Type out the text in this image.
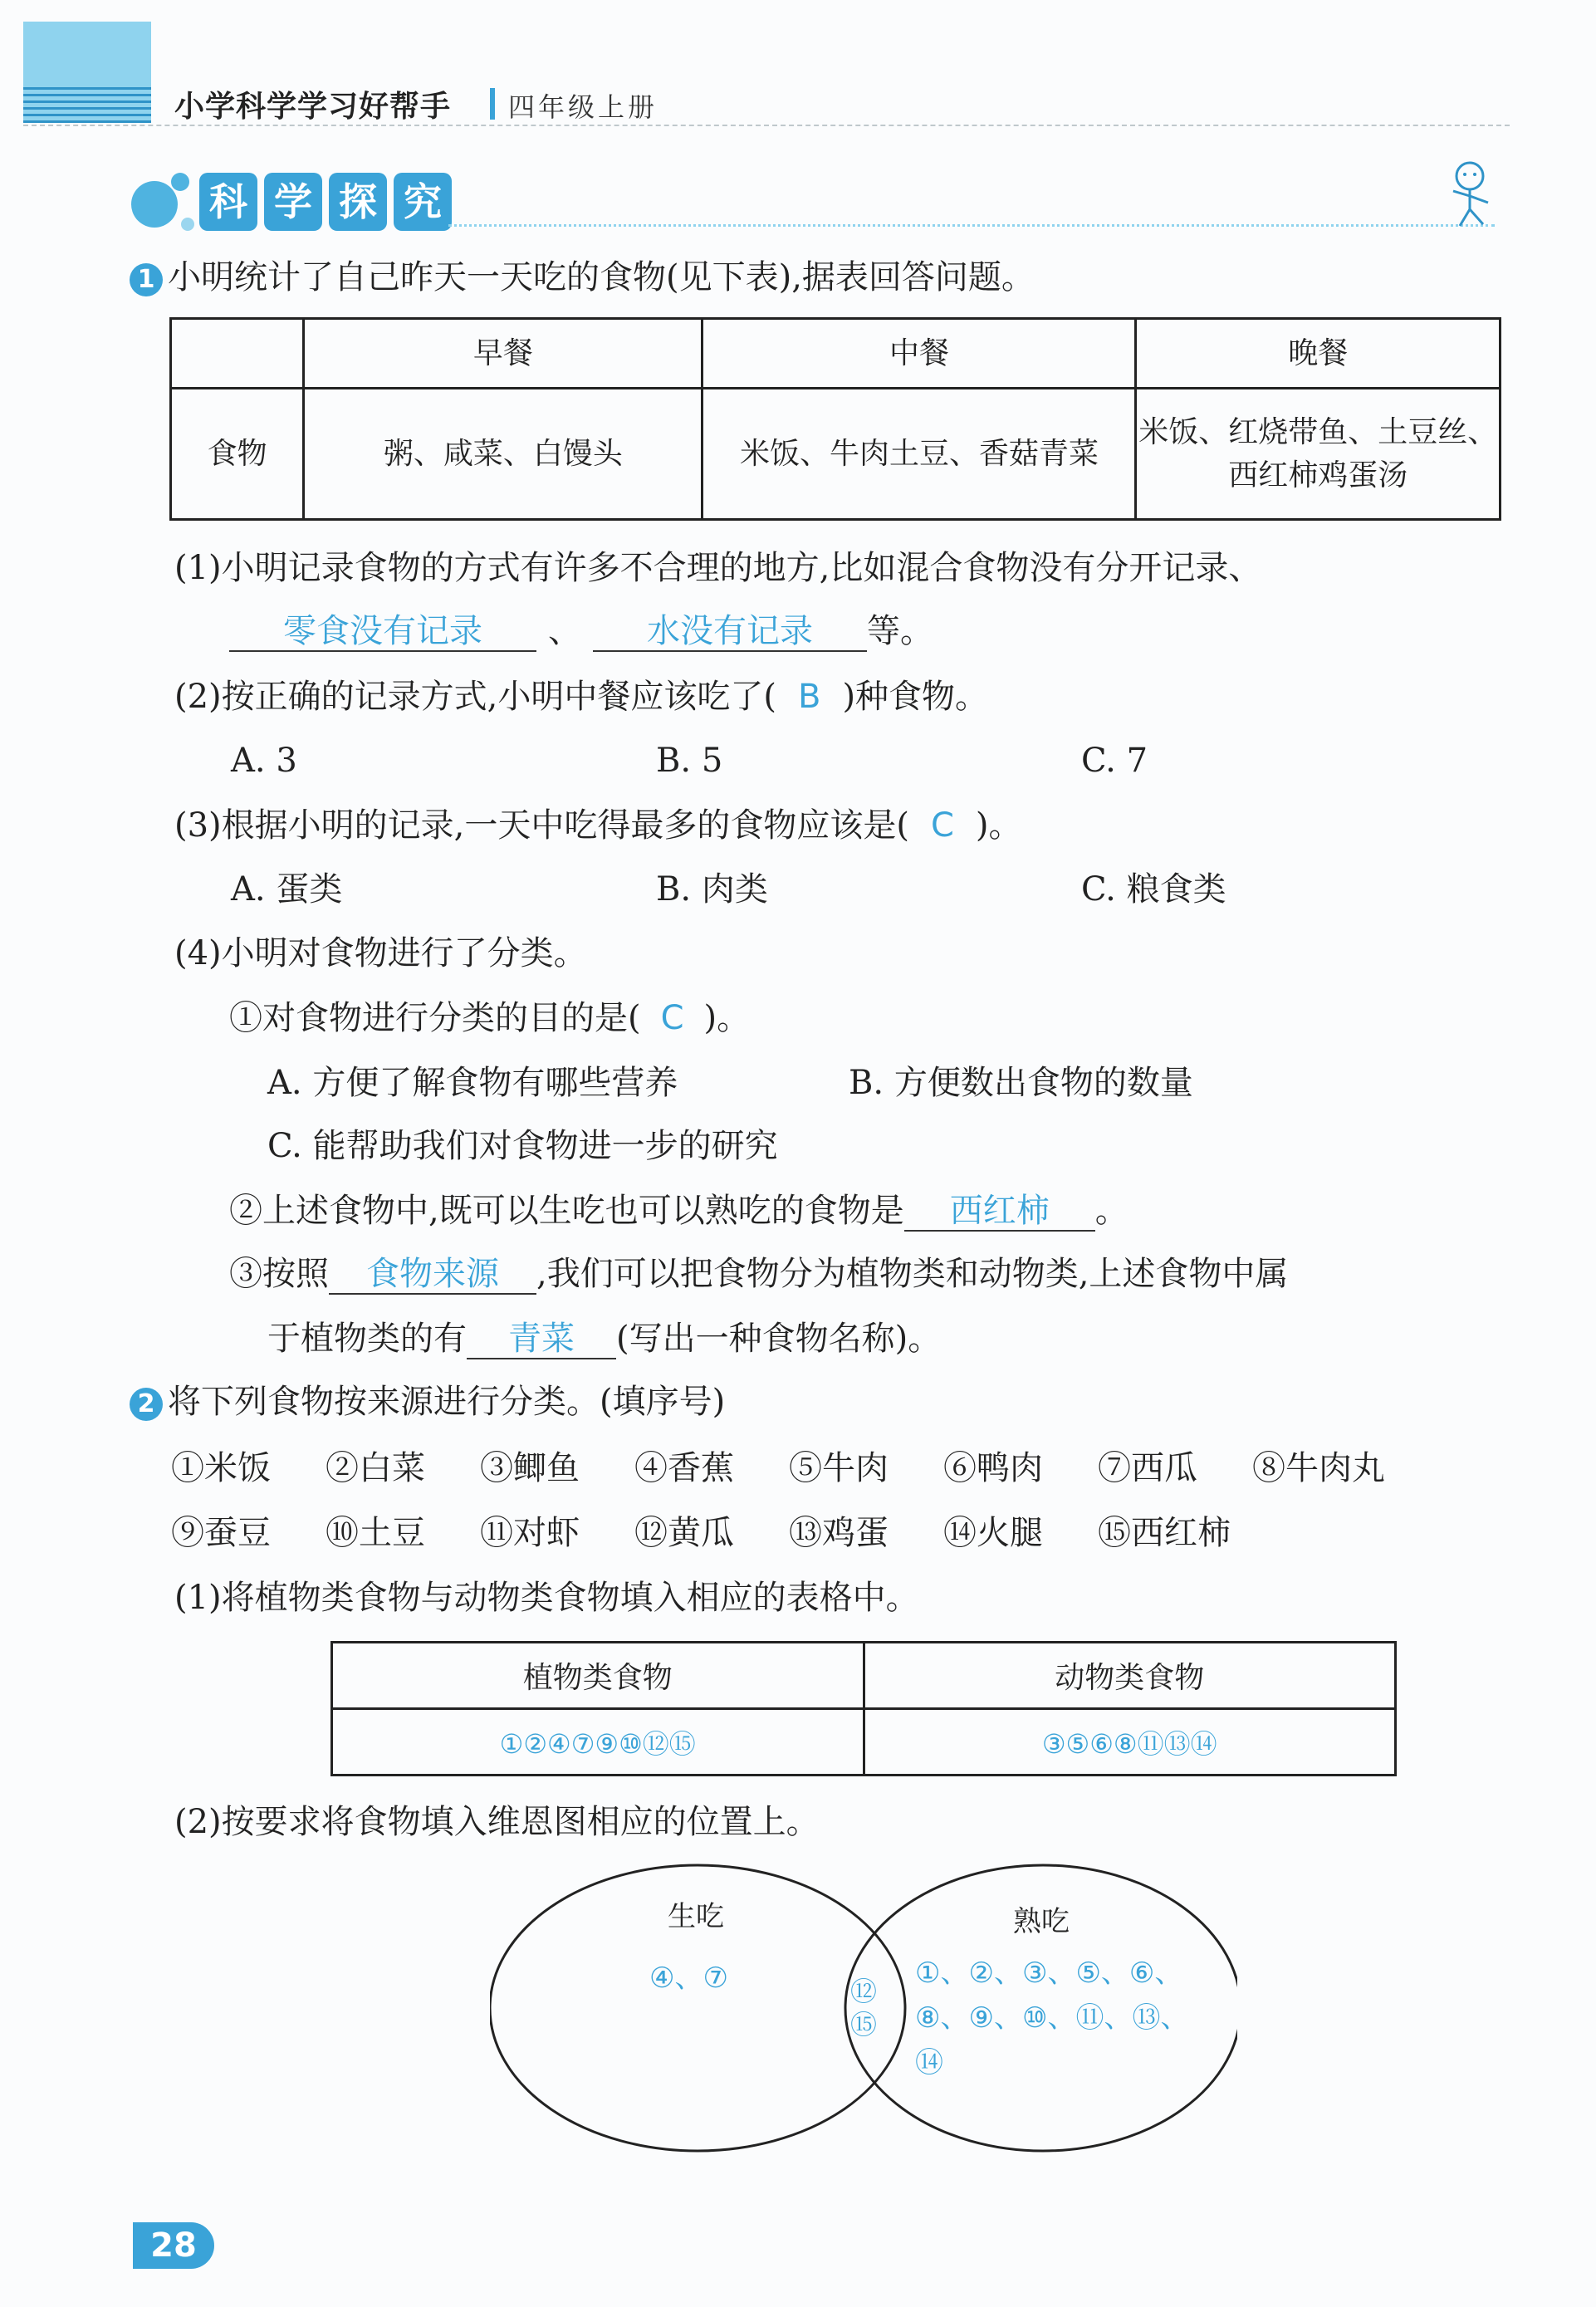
小学科学学习好帮手 四年级上册
科 学 探 究
1 小明统计了自己昨天一天吃的食物(见下表),据表回答问题。
	早餐	中餐	晚餐
食物	粥、咸菜、白馒头	米饭、牛肉土豆、香菇青菜	米饭、红烧带鱼、土豆丝、
西红柿鸡蛋汤
(1)小明记录食物的方式有许多不合理的地方,比如混合食物没有分开记录、
零食没有记录 、 水没有记录 等。
(2)按正确的记录方式,小明中餐应该吃了( B )种食物。
A. 3	B. 5	C. 7
(3)根据小明的记录,一天中吃得最多的食物应该是( C )。
A. 蛋类	B. 肉类	C. 粮食类
(4)小明对食物进行了分类。
①对食物进行分类的目的是( C )。
A. 方便了解食物有哪些营养	B. 方便数出食物的数量
C. 能帮助我们对食物进一步的研究
②上述食物中,既可以生吃也可以熟吃的食物是 西红柿 。
③按照 食物来源 ,我们可以把食物分为植物类和动物类,上述食物中属
于植物类的有 青菜 (写出一种食物名称)。
2 将下列食物按来源进行分类。(填序号)
①米饭	②白菜	③鲫鱼	④香蕉	⑤牛肉	⑥鸭肉	⑦西瓜	⑧牛肉丸
⑨蚕豆	⑩土豆	⑪对虾	⑫黄瓜	⑬鸡蛋	⑭火腿	⑮西红柿
(1)将植物类食物与动物类食物填入相应的表格中。
植物类食物	动物类食物
①②④⑦⑨⑩⑫⑮	③⑤⑥⑧⑪⑬⑭
(2)按要求将食物填入维恩图相应的位置上。
生吃	熟吃
④、⑦	⑫
⑮
①、②、③、⑤、⑥、
⑧、⑨、⑩、⑪、⑬、
⑭
28
